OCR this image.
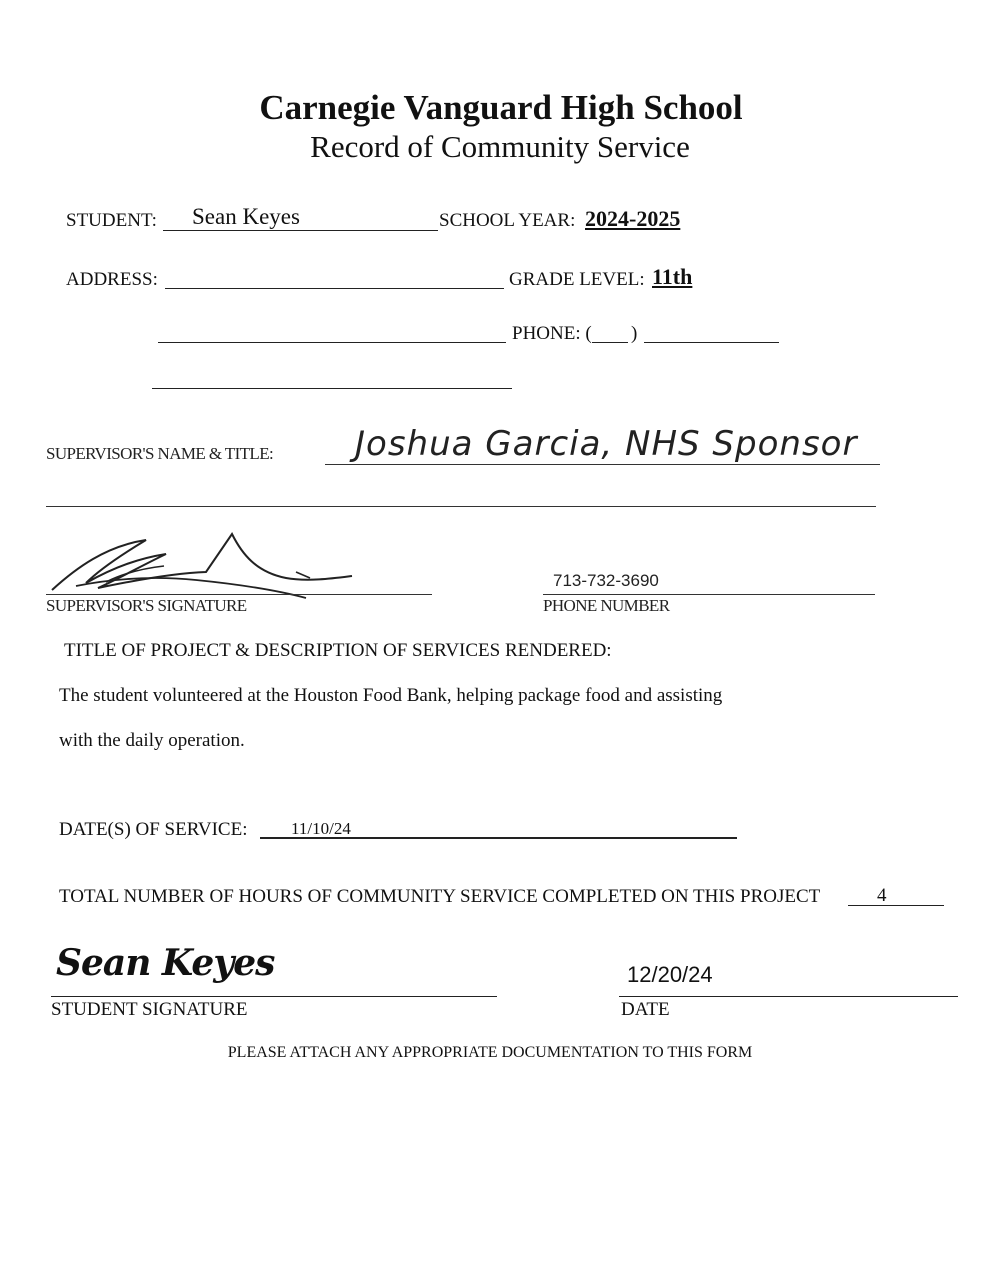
Carnegie Vanguard High School
Record of Community Service
STUDENT: Sean Keyes	SCHOOL YEAR: 2024-2025
ADDRESS:	GRADE LEVEL: 11th
PHONE: ( )
SUPERVISOR'S NAME & TITLE: Joshua Garcia, NHS Sponsor
SUPERVISOR'S SIGNATURE
713-732-3690
PHONE NUMBER
TITLE OF PROJECT & DESCRIPTION OF SERVICES RENDERED:
The student volunteered at the Houston Food Bank, helping package food and assisting
with the daily operation.
DATE(S) OF SERVICE:	11/10/24
TOTAL NUMBER OF HOURS OF COMMUNITY SERVICE COMPLETED ON THIS PROJECT	4
Sean Keyes
STUDENT SIGNATURE
12/20/24
DATE
PLEASE ATTACH ANY APPROPRIATE DOCUMENTATION TO THIS FORM
